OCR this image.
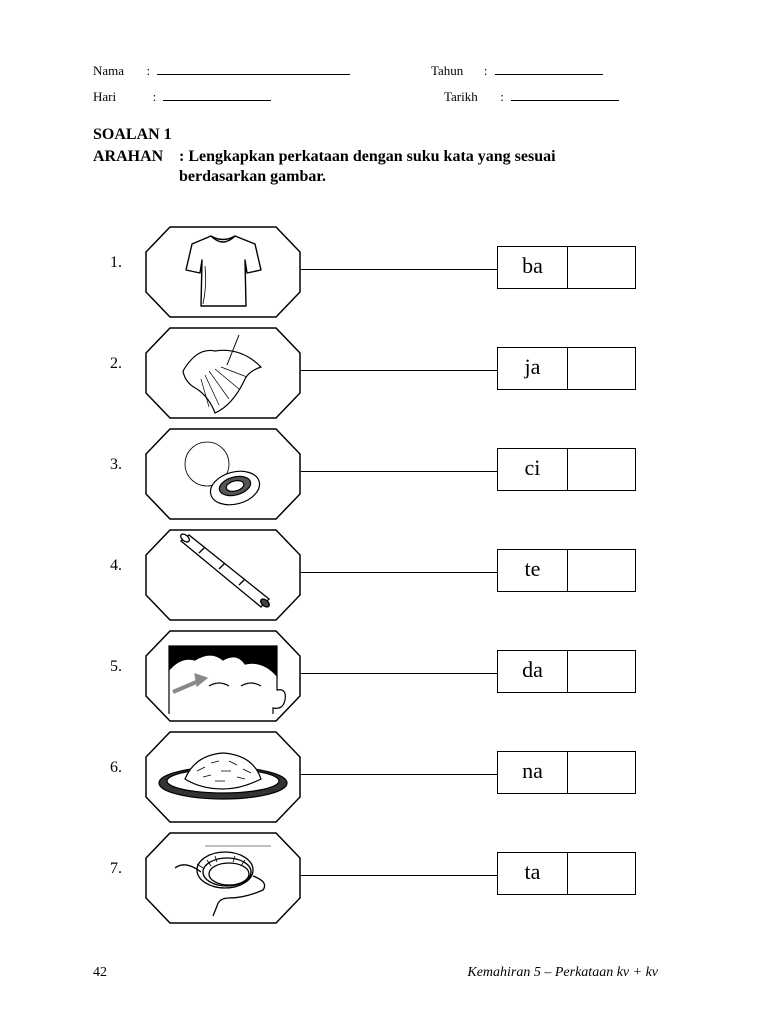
Nama :	Tahun :
Hari	:	Tarikh :
SOALAN 1
ARAHAN : Lengkapkan perkataan dengan suku kata yang sesuai
berdasarkan gambar.
1.	ba
2.	ja
3.	ci
4.	te
5.	da
6.	na
7.	ta
42	Kemahiran 5 – Perkataan kv + kv
